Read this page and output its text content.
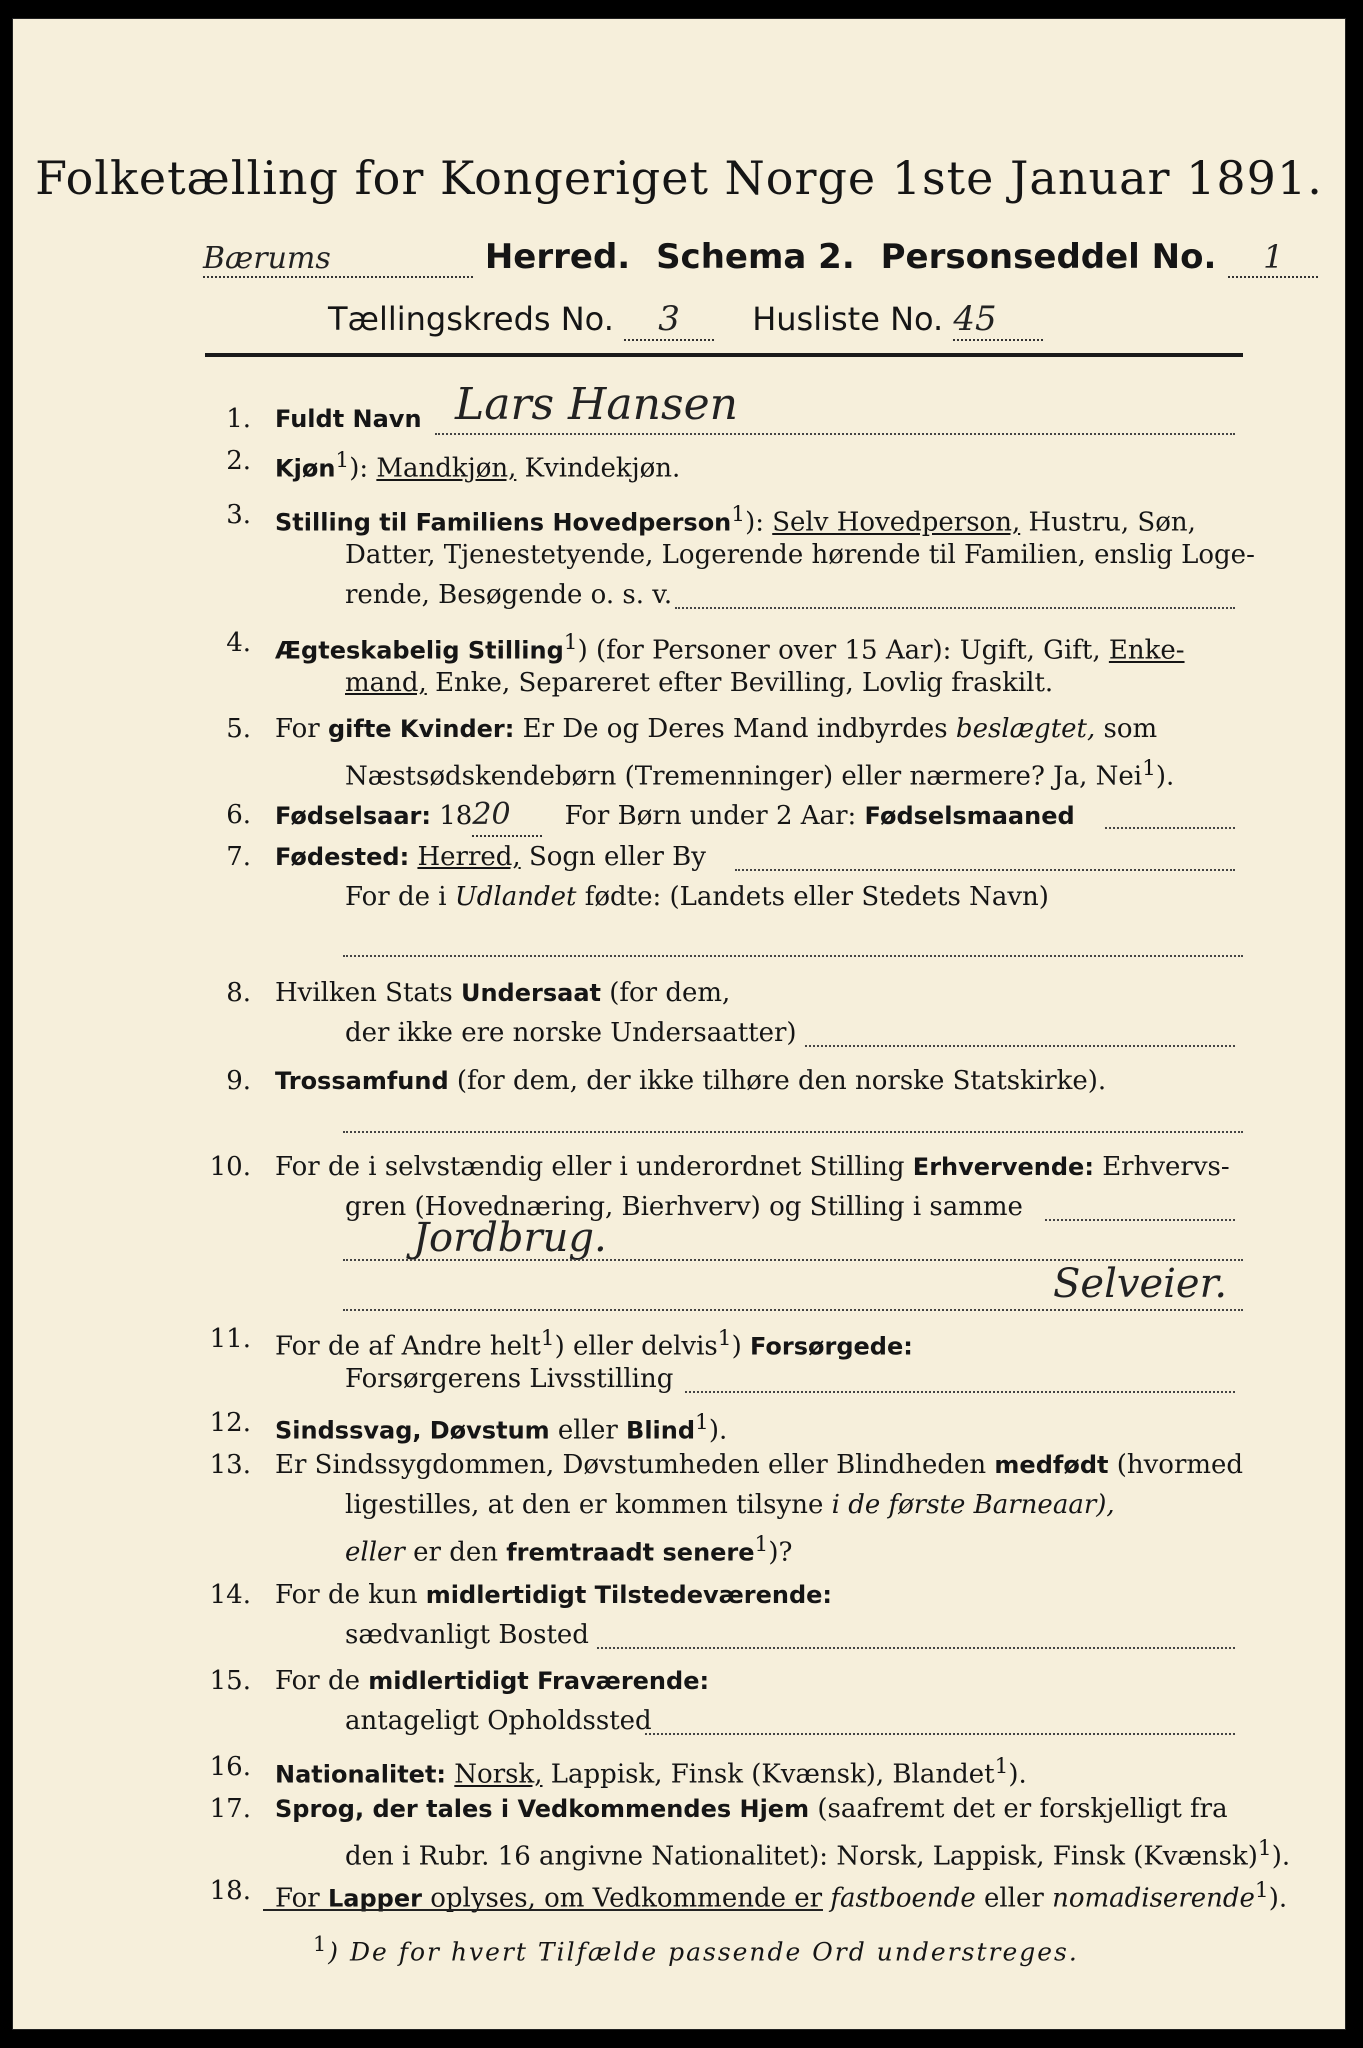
Folketælling for Kongeriget Norge 1ste Januar 1891.
Bærums	Herred. Schema 2. Personseddel No. 1
Tællingskreds No. 3 Husliste No. 45
1. Fuldt Navn Lars Hansen
2. Kjøn$^1$): Mandkjøn, Kvindekjøn.
3. Stilling til Familiens Hovedperson$^1$): Selv Hovedperson, Hustru, Søn,
Datter, Tjenestetyende, Logerende hørende til Familien, enslig Loge-
rende, Besøgende o. s. v.
4. Ægteskabelig Stilling$^1$) (for Personer over 15 Aar): Ugift, Gift, Enke-
mand, Enke, Separeret efter Bevilling, Lovlig fraskilt.
5. For gifte Kvinder: Er De og Deres Mand indbyrdes beslægtet, som
Næstsødskendebørn (Tremenninger) eller nærmere? Ja, Nei$^1$).
6. Fødselsaar: 1820 For Børn under 2 Aar: Fødselsmaaned
7. Fødested: Herred, Sogn eller By
For de i Udlandet fødte: (Landets eller Stedets Navn)
8. Hvilken Stats Undersaat (for dem,
der ikke ere norske Undersaatter)
9. Trossamfund (for dem, der ikke tilhøre den norske Statskirke).
10. For de i selvstændig eller i underordnet Stilling Erhvervende: Erhvervs-
gren (Hovednæring, Bierhverv) og Stilling i samme
Jordbrug.
Selveier.
11. For de af Andre helt$^1$) eller delvis$^1$) Forsørgede:
Forsørgerens Livsstilling
12. Sindssvag, Døvstum eller Blind$^1$).
13. Er Sindssygdommen, Døvstumheden eller Blindheden medfødt (hvormed
ligestilles, at den er kommen tilsyne i de første Barneaar),
eller er den fremtraadt senere$^1$)?
14. For de kun midlertidigt Tilstedeværende:
sædvanligt Bosted
15. For de midlertidigt Fraværende:
antageligt Opholdssted
16. Nationalitet: Norsk, Lappisk, Finsk (Kvænsk), Blandet$^1$).
17. Sprog, der tales i Vedkommendes Hjem (saafremt det er forskjelligt fra
den i Rubr. 16 angivne Nationalitet): Norsk, Lappisk, Finsk (Kvænsk)$^1$).
18. For Lapper oplyses, om Vedkommende er fastboende eller nomadiserende$^1$).
$^1$) De for hvert Tilfælde passende Ord understreges.
